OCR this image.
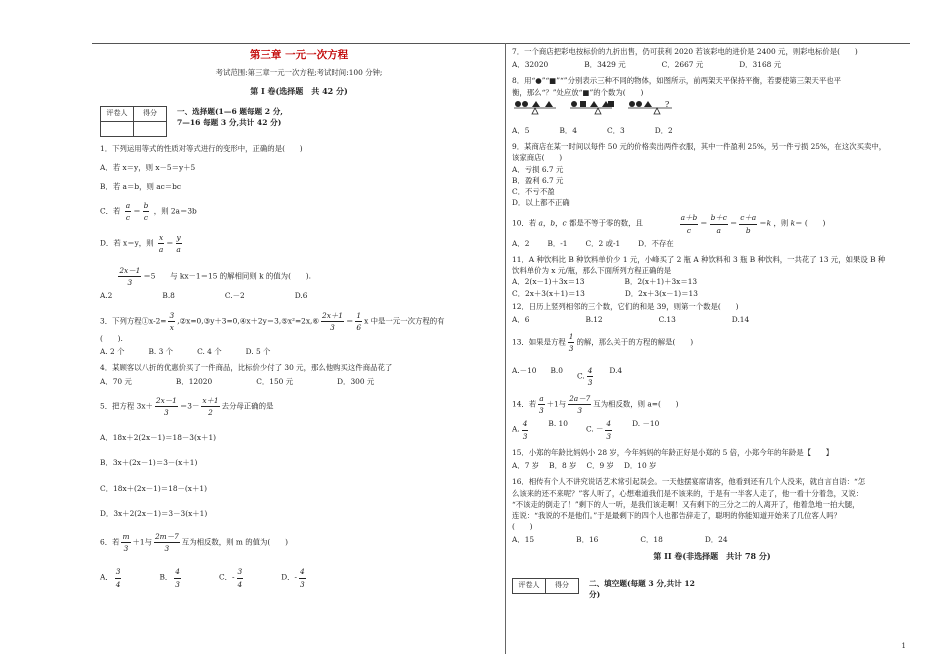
第三章 一元一次方程
考试范围:第三章一元一次方程;考试时间:100 分钟;
第 I 卷(选择题　共 42 分)
评卷人	得分
		一、选择题(1—6 题每题 2 分,
7—16 每题 3 分,共计 42 分)
1．下列运用等式的性质对等式进行的变形中，正确的是(　　)
A．若 x＝y，则 x－5＝y＋5
B．若 a＝b，则 ac＝bc
C．若 $\frac{a}{c} = \frac{b}{c}$ ，则 2a＝3b
D．若 x＝y，则 $\frac{x}{a} = \frac{y}{a}$

$\frac{2x-1}{3} =5$ 与 kx－1＝15 的解相同则 k 的值为(　　).
A.2	B.8	C.－2	D.6
3．下列方程①x-2= $\frac{3}{x}$ ,②x=0,③y＋3=0,④x＋2y＝3,⑤x²=2x,⑥ $\frac{2x+1}{3} = \frac{1}{6}$ x 中是一元一次方程的有
(　　).
A. 2 个	B. 3 个	C. 4 个	D. 5 个
4．某顾客以八折的优惠价买了一件商品，比标价少付了 30 元，那么他购买这件商品花了
A．70 元	B．12020	C．150 元	D．300 元
5．把方程 $3x+ \frac{2x-1}{3} =3- \frac{x+1}{2}$ 去分母正确的是
A．18x＋2(2x－1)＝18－3(x＋1)
B．3x＋(2x－1)＝3－(x＋1)
C．18x＋(2x－1)＝18－(x＋1)
D．3x＋2(2x－1)＝3－3(x＋1)
6．若 $\frac{m}{3} +1$与 $\frac{2m-7}{3}$ 互为相反数，则 m 的值为(　　)
A． $\frac{3}{4}$	B． $\frac{4}{3}$	C．- $\frac{3}{4}$	D．- $\frac{4}{3}$
7．一个商店把彩电按标价的九折出售，仍可获利 2020 若该彩电的进价是 2400 元，则彩电标价是(　　)
A．32020	B．3429 元	C．2667 元	D．3168 元
8．用“●”“■”“”分别表示三种不同的物体，如图所示，前两架天平保持平衡，若要使第三架天平也平
衡，那么“？”处应放“■”的个数为(　　)
?
A．5	B．4	C．3	D．2
9．某商店在某一时间以每件 50 元的价格卖出两件衣服，其中一件盈利 25%，另一件亏损 25%，在这次买卖中，
该家商店(　　)
A．亏损 6.7 元
B．盈利 6.7 元
C．不亏不盈
D．以上都不正确
10．若 a，b，c 都是不等于零的数，且	$\frac{a+b}{c} = \frac{b+c}{a} = \frac{c+a}{b} =k$ ，则 k＝ (　　)
A．2 B．-1 C．2 或-1 D．不存在
11．A 种饮料比 B 种饮料单价少 1 元，小峰买了 2 瓶 A 种饮料和 3 瓶 B 种饮料，一共花了 13 元，如果设 B 种
饮料单价为 x 元/瓶，那么下面所列方程正确的是
A．2(x－1)＋3x＝13	B．2(x＋1)＋3x＝13
C．2x＋3(x＋1)＝13	D．2x＋3(x－1)＝13
12．日历上竖列相邻的三个数，它们的和是 39，则第一个数是(　　)
A．6	B.12	C.13	D.14
13．如果是方程 $\frac{1}{3}$ 的解，那么关于的方程的解是(　　)
A.－10 B.0
C. $\frac{4}{3} D.4$
14．若 $\frac{a}{3} +1$与 $\frac{2a-7}{3}$ 互为相反数，则 a=(　　)
A. $\frac{4}{3}$	B. 10
C. － $\frac{4}{3}$	D. －10
15．小郑的年龄比妈妈小 28 岁，今年妈妈的年龄正好是小郑的 5 倍，小郑今年的年龄是【　　】
A．7 岁 B．8 岁 C．9 岁 D．10 岁
16．相传有个人不讲究说话艺术常引起误会。一天他摆宴席请客，他看到还有几个人没来，就自言自语：“怎
么该来的还不来呢？”客人听了，心想难道我们是不该来的，于是有一半客人走了，他一看十分着急，又说：
“不该走的倒走了！”剩下的人一听，是我们该走啊！又有剩下的三分之二的人离开了，他着急地一拍大腿，
连说：“我说的不是他们。”于是最剩下的四个人也都告辞走了，聪明的你能知道开始来了几位客人吗？
(　　)
A．15	B．16	C．18	D．24
第 II 卷(非选择题　共计 78 分)
评卷人	得分	二、填空题(每题 3 分,共计 12
分)
1
